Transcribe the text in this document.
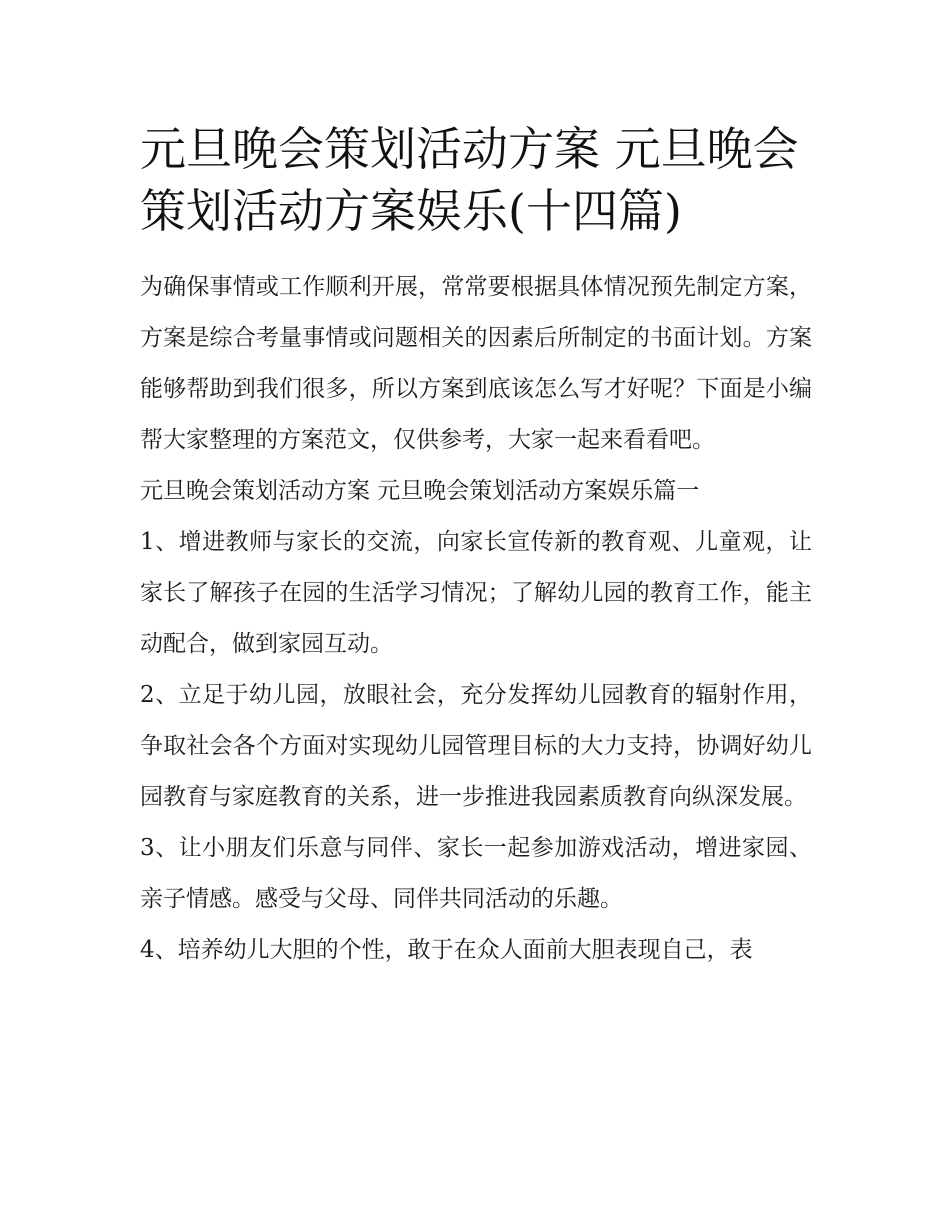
元旦晚会策划活动方案 元旦晚会策划活动方案娱乐(十四篇)

为确保事情或工作顺利开展，常常要根据具体情况预先制定方案，方案是综合考量事情或问题相关的因素后所制定的书面计划。方案能够帮助到我们很多，所以方案到底该怎么写才好呢？下面是小编帮大家整理的方案范文，仅供参考，大家一起来看看吧。

元旦晚会策划活动方案 元旦晚会策划活动方案娱乐篇一

1、增进教师与家长的交流，向家长宣传新的教育观、儿童观，让家长了解孩子在园的生活学习情况；了解幼儿园的教育工作，能主动配合，做到家园互动。

2、立足于幼儿园，放眼社会，充分发挥幼儿园教育的辐射作用，争取社会各个方面对实现幼儿园管理目标的大力支持，协调好幼儿园教育与家庭教育的关系，进一步推进我园素质教育向纵深发展。

3、让小朋友们乐意与同伴、家长一起参加游戏活动，增进家园、亲子情感。感受与父母、同伴共同活动的乐趣。

4、培养幼儿大胆的个性，敢于在众人面前大胆表现自己，表
